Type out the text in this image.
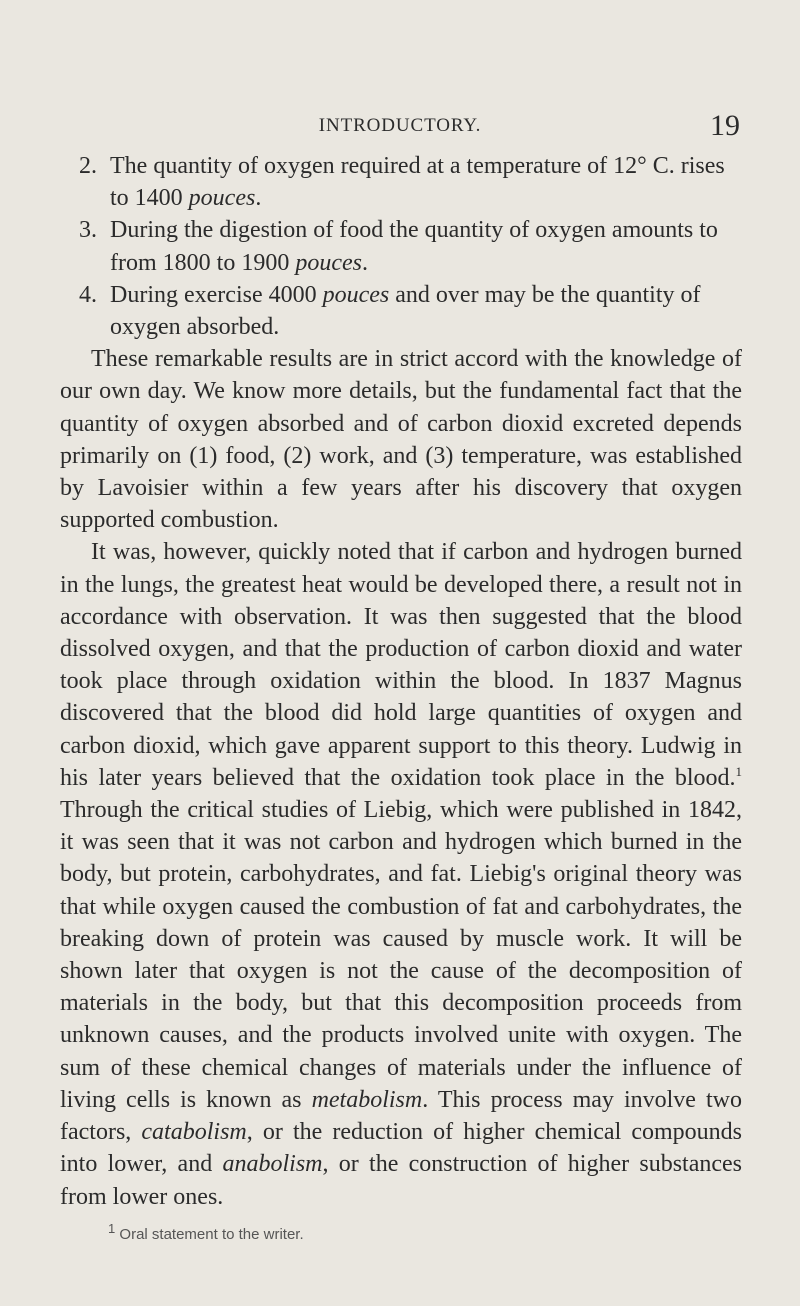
INTRODUCTORY.	19

2. The quantity of oxygen required at a temperature of 12° C. rises to 1400 pouces.

3. During the digestion of food the quantity of oxygen amounts to from 1800 to 1900 pouces.

4. During exercise 4000 pouces and over may be the quantity of oxygen absorbed.

These remarkable results are in strict accord with the knowledge of our own day. We know more details, but the fundamental fact that the quantity of oxygen absorbed and of carbon dioxid excreted depends primarily on (1) food, (2) work, and (3) temperature, was established by Lavoisier within a few years after his discovery that oxygen supported combustion.

It was, however, quickly noted that if carbon and hydrogen burned in the lungs, the greatest heat would be developed there, a result not in accordance with observation. It was then suggested that the blood dissolved oxygen, and that the production of carbon dioxid and water took place through oxidation within the blood. In 1837 Magnus discovered that the blood did hold large quantities of oxygen and carbon dioxid, which gave apparent support to this theory. Ludwig in his later years believed that the oxidation took place in the blood.$^1$ Through the critical studies of Liebig, which were published in 1842, it was seen that it was not carbon and hydrogen which burned in the body, but protein, carbohydrates, and fat. Liebig's original theory was that while oxygen caused the combustion of fat and carbohydrates, the breaking down of protein was caused by muscle work. It will be shown later that oxygen is not the cause of the decomposition of materials in the body, but that this decomposition proceeds from unknown causes, and the products involved unite with oxygen. The sum of these chemical changes of materials under the influence of living cells is known as metabolism. This process may involve two factors, catabolism, or the reduction of higher chemical compounds into lower, and anabolism, or the construction of higher substances from lower ones.

$^1$ Oral statement to the writer.
